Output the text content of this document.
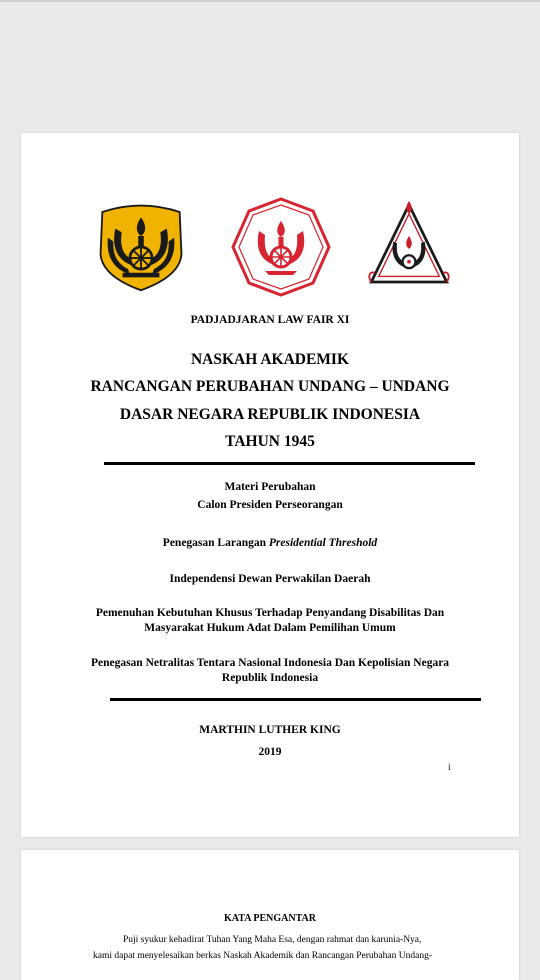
PADJADJARAN LAW FAIR XI
NASKAH AKADEMIK
RANCANGAN PERUBAHAN UNDANG – UNDANG
DASAR NEGARA REPUBLIK INDONESIA
TAHUN 1945
Materi Perubahan
Calon Presiden Perseorangan
Penegasan Larangan Presidential Threshold
Independensi Dewan Perwakilan Daerah
Pemenuhan Kebutuhan Khusus Terhadap Penyandang Disabilitas Dan
Masyarakat Hukum Adat Dalam Pemilihan Umum
Penegasan Netralitas Tentara Nasional Indonesia Dan Kepolisian Negara
Republik Indonesia
MARTHIN LUTHER KING
2019
i
KATA PENGANTAR
Puji syukur kehadirat Tuhan Yang Maha Esa, dengan rahmat dan karunia-Nya,
kami dapat menyelesaikan berkas Naskah Akademik dan Rancangan Perubahan Undang-
